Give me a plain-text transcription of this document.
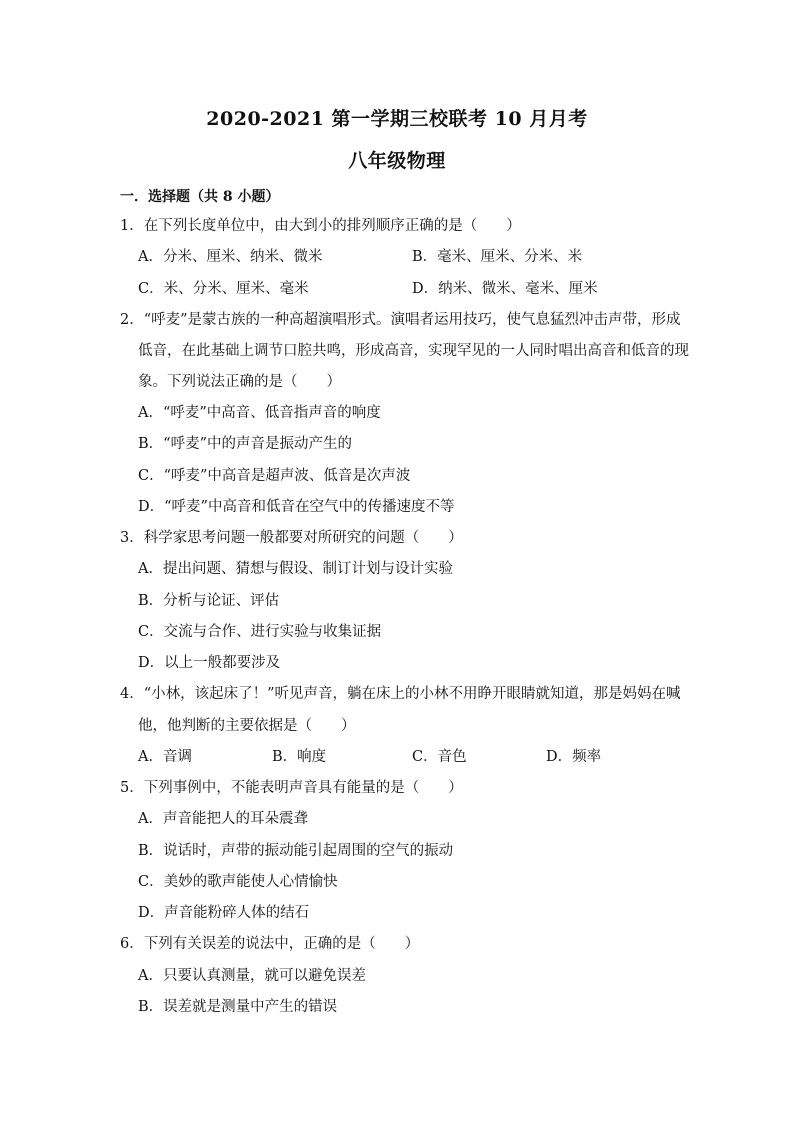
2020-2021 第一学期三校联考 10 月月考
八年级物理
一．选择题（共 8 小题）
1．在下列长度单位中，由大到小的排列顺序正确的是（　　）
A．分米、厘米、纳米、微米	B．毫米、厘米、分米、米
C．米、分米、厘米、毫米	D．纳米、微米、毫米、厘米
2．“呼麦”是蒙古族的一种高超演唱形式。演唱者运用技巧，使气息猛烈冲击声带，形成
低音，在此基础上调节口腔共鸣，形成高音，实现罕见的一人同时唱出高音和低音的现
象。下列说法正确的是（　　）
A．“呼麦”中高音、低音指声音的响度
B．“呼麦”中的声音是振动产生的
C．“呼麦”中高音是超声波、低音是次声波
D．“呼麦”中高音和低音在空气中的传播速度不等
3．科学家思考问题一般都要对所研究的问题（　　）
A．提出问题、猜想与假设、制订计划与设计实验
B．分析与论证、评估
C．交流与合作、进行实验与收集证据
D．以上一般都要涉及
4．“小林，该起床了！”听见声音，躺在床上的小林不用睁开眼睛就知道，那是妈妈在喊
他，他判断的主要依据是（　　）
A．音调	B．响度	C．音色	D．频率
5．下列事例中，不能表明声音具有能量的是（　　）
A．声音能把人的耳朵震聋
B．说话时，声带的振动能引起周围的空气的振动
C．美妙的歌声能使人心情愉快
D．声音能粉碎人体的结石
6．下列有关误差的说法中，正确的是（　　）
A．只要认真测量，就可以避免误差
B．误差就是测量中产生的错误
